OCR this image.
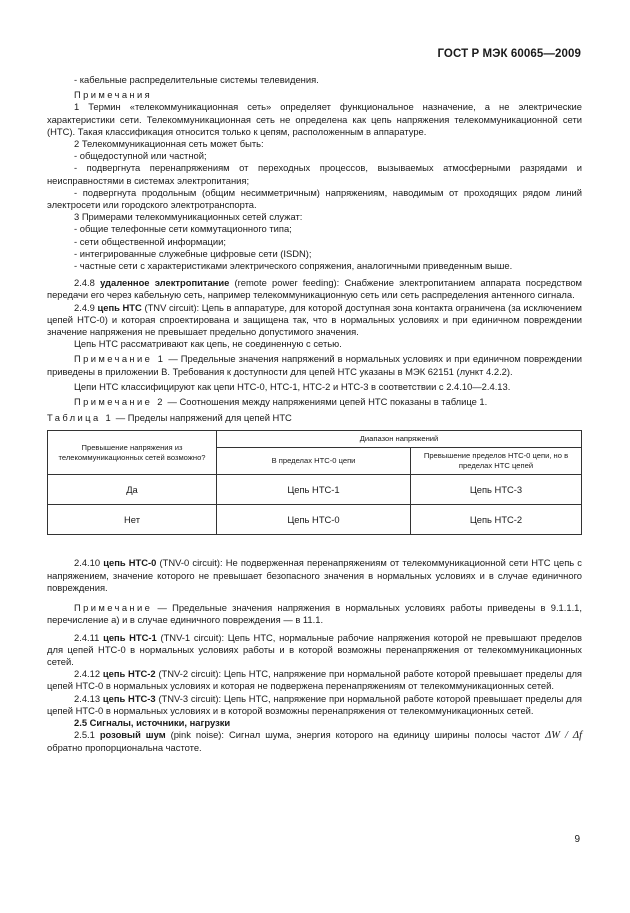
ГОСТ Р МЭК 60065—2009

- кабельные распределительные системы телевидения.

Примечания

1 Термин «телекоммуникационная сеть» определяет функциональное назначение, а не электрические характеристики сети. Телекоммуникационная сеть не определена как цепь напряжения телекоммуникационной сети (НТС). Такая классификация относится только к цепям, расположенным в аппаратуре.

2 Телекоммуникационная сеть может быть:

- общедоступной или частной;

- подвергнута перенапряжениям от переходных процессов, вызываемых атмосферными разрядами и неисправностями в системах электропитания;

- подвергнута продольным (общим несимметричным) напряжениям, наводимым от проходящих рядом линий электросети или городского электротранспорта.

3 Примерами телекоммуникационных сетей служат:

- общие телефонные сети коммутационного типа;

- сети общественной информации;

- интегрированные служебные цифровые сети (ISDN);

- частные сети с характеристиками электрического сопряжения, аналогичными приведенным выше.

2.4.8 удаленное электропитание (remote power feeding): Снабжение электропитанием аппарата посредством передачи его через кабельную сеть, например телекоммуникационную сеть или сеть распределения антенного сигнала.

2.4.9 цепь НТС (TNV circuit): Цепь в аппаратуре, для которой доступная зона контакта ограничена (за исключением цепей НТС-0) и которая спроектирована и защищена так, что в нормальных условиях и при единичном повреждении значение напряжения не превышает предельно допустимого значения.

Цепь НТС рассматривают как цепь, не соединенную с сетью.

Примечание 1 — Предельные значения напряжений в нормальных условиях и при единичном повреждении приведены в приложении В. Требования к доступности для цепей НТС указаны в МЭК 62151 (лункт 4.2.2).

Цепи НТС классифицируют как цепи НТС-0, НТС-1, НТС-2 и НТС-3 в соответствии с 2.4.10—2.4.13.

Примечание 2 — Соотношения между напряжениями цепей НТС показаны в таблице 1.

Таблица 1 — Пределы напряжений для цепей НТС

Превышение напряжения из телекоммуникационных сетей возможно?	Диапазон напряжений	
	В пределах НТС-0 цепи	Превышение пределов НТС-0 цепи, но в пределах НТС цепей
Да	Цепь НТС-1	Цепь НТС-3
Нет	Цепь НТС-0	Цепь НТС-2

2.4.10 цепь НТС-0 (TNV-0 circuit): Не подверженная перенапряжениям от телекоммуникационной сети НТС цепь с напряжением, значение которого не превышает безопасного значения в нормальных условиях и в случае единичного повреждения.

Примечание — Предельные значения напряжения в нормальных условиях работы приведены в 9.1.1.1, перечисление а) и в случае единичного повреждения — в 11.1.

2.4.11 цепь НТС-1 (TNV-1 circuit): Цепь НТС, нормальные рабочие напряжения которой не превышают пределов для цепей НТС-0 в нормальных условиях работы и в которой возможны перенапряжения от телекоммуникационных сетей.

2.4.12 цепь НТС-2 (TNV-2 circuit): Цепь НТС, напряжение при нормальной работе которой превышает пределы для цепей НТС-0 в нормальных условиях и которая не подвержена перенапряжениям от телекоммуникационных сетей.

2.4.13 цепь НТС-3 (TNV-3 circuit): Цепь НТС, напряжение при нормальной работе которой превышает пределы для цепей НТС-0 в нормальных условиях и в которой возможны перенапряжения от телекоммуникационных сетей.

2.5 Сигналы, источники, нагрузки

2.5.1 розовый шум (pink noise): Сигнал шума, энергия которого на единицу ширины полосы частот ΔW / Δf обратно пропорциональна частоте.

9
